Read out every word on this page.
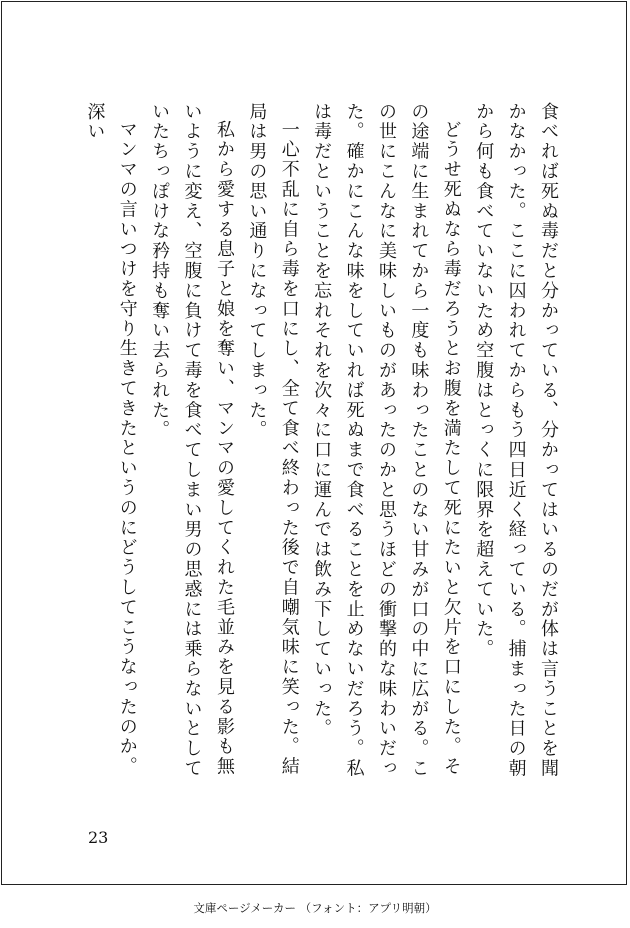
食べれば死ぬ毒だと分かっている、分かってはいるのだが体は言うことを聞かなかった。ここに囚われてからもう四日近く経っている。捕まった日の朝から何も食べていないため空腹はとっくに限界を超えていた。

どうせ死ぬなら毒だろうとお腹を満たして死にたいと欠片を口にした。その途端に生まれてから一度も味わったことのない甘みが口の中に広がる。この世にこんなに美味しいものがあったのかと思うほどの衝撃的な味わいだった。確かにこんな味をしていれば死ぬまで食べることを止めないだろう。私は毒だということを忘れそれを次々に口に運んでは飲み下していった。

一心不乱に自ら毒を口にし、全て食べ終わった後で自嘲気味に笑った。結局は男の思い通りになってしまった。

私から愛する息子と娘を奪い、マンマの愛してくれた毛並みを見る影も無いように変え、空腹に負けて毒を食べてしまい男の思惑には乗らないとしていたちっぽけな矜持も奪い去られた。

マンマの言いつけを守り生きてきたというのにどうしてこうなったのか。深い

23
文庫ページメーカー （フォント：アプリ明朝）
